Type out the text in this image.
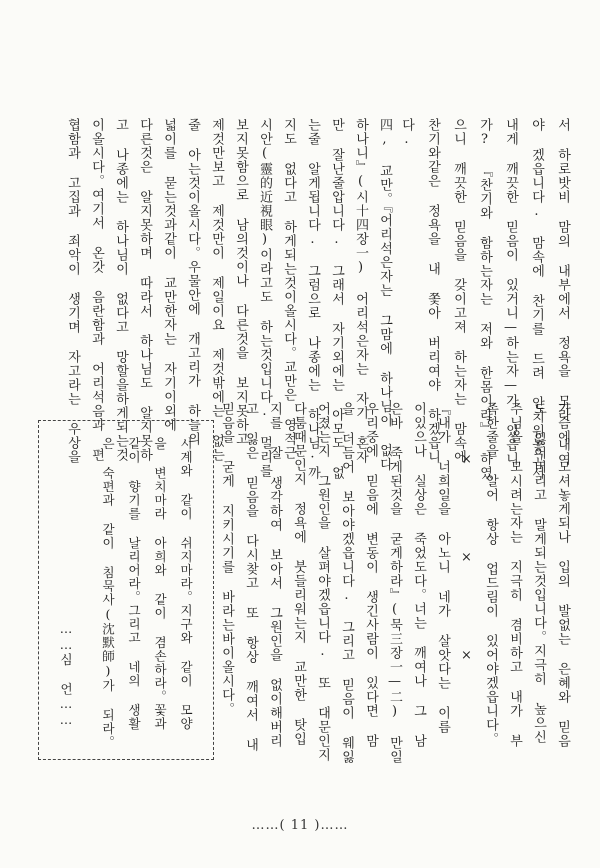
서 하로밧비 맘의 내부에서 정욕을 모라 내여
야 겠읍니다. 맘속에 찬기를 드려 안치워놓고서
내게 깨끗한 믿음이 있거니—하는자—가 있읍니
가? 『찬기와 함하는자는 저와 한몸이라』 하였
으니 깨끗한 믿음을 갖이고져 하는자는 맘속에
찬기와같은 정욕을 내 쫓아 버리여야 하겠읍니
다.
四, 교만。『어리석은자는 그맘에 하나님이 없다
하나니』(시十四장一) 어리석은자는 자기 혼자
만 잘난줄압니다. 그래서 자기외에는 아모도 없
는줄 알게됩니다. 그럼으로 나종에는 하나님·까
지도 없다고 하게되는것이올시다。교만은 영적근
시안(靈的近視眼)이라고도 하는것입니다. 멀리를
보지못함으로 남의것이나 다른것을 보지못하고
제것만보고 제것만이 제일이요 제것밖에는 없는
줄 아는것이올시다。우물안에 개고리가 하늘의
넓이를 묻는것과같이 교만한자는 자기이외에
다른것은 알지못하며 따라서 하나님도 알지못하
고 나종에는 하나님이 없다고 망할을하게되는것
이올시다。여기서 온갓 음란함과 어리석음과 편
협함과 고집과 죄악이 생기며 자고라는 우상을
가슴에 모셔놓게되나 입의 발없는 은혜와 믿음
도 잃어버리고 말게되는것입니다。지극히 높으신
주님을 모시려는자는 지극히 겸비하고 내가 부
족한줄을 알어 항상 업드림이 있어야겠읍니다。
× × ×
『내가 너희일을 아노니 네가 살앗다는 이름
이있으나 실상은 죽었도다。너는 깨여나 그 남
은바 죽게된것을 굳게하라』(묵三장一—二) 만일
우리중에 믿음에 변동이 생긴사람이 있다면 맘
을 더듬어 보아야겠읍니다. 그리고 믿음이 웨잃
어졌는지 그원인을 살펴야겠읍니다. 또 대문인지
다툼때문인지 정욕에 붓들리워는지 교만한 탓입
지를 잘 생각하여 보아서 그원인을 없이해버리
고 잃은 믿음을 다시찾고 또 항상 깨여서 내
믿음을 굳게 지키시기를 바라는바이올시다。
시계와 같이 쉬지마라。지구와 같이 모양
을 변치마라 아희와 같이 겸손하라。꽃과
같이 향기를 날리어라。그리고 네의 생활
은 숙편과 같이 침묵사(沈默師)가 되라。
……심 언……
……( 11 )……
